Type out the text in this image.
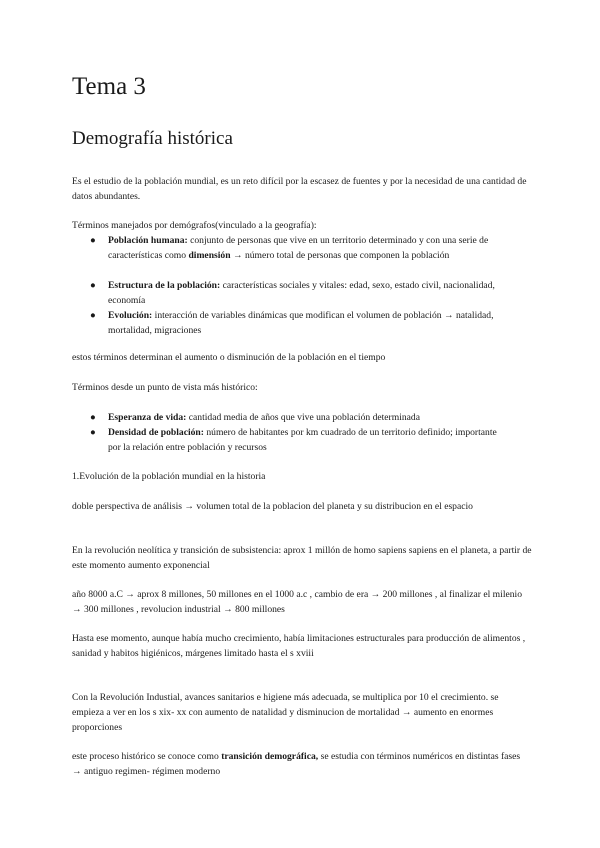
Tema 3
Demografía histórica
Es el estudio de la población mundial, es un reto difícil por la escasez de fuentes y por la necesidad de una cantidad de datos abundantes.
Términos manejados por demógrafos(vinculado a la geografía):
● Población humana: conjunto de personas que vive en un territorio determinado y con una serie de características como dimensión → número total de personas que componen la población
● Estructura de la población: características sociales y vitales: edad, sexo, estado civil, nacionalidad, economía
● Evolución: interacción de variables dinámicas que modifican el volumen de población → natalidad, mortalidad, migraciones
estos términos determinan el aumento o disminución de la población en el tiempo
Términos desde un punto de vista más histórico:
● Esperanza de vida: cantidad media de años que vive una población determinada
● Densidad de población: número de habitantes por km cuadrado de un territorio definido; importante por la relación entre población y recursos
1.Evolución de la población mundial en la historia
doble perspectiva de análisis → volumen total de la poblacion del planeta y su distribucion en el espacio
En la revolución neolítica y transición de subsistencia: aprox 1 millón de homo sapiens sapiens en el planeta, a partir de este momento aumento exponencial
año 8000 a.C → aprox 8 millones, 50 millones en el 1000 a.c , cambio de era → 200 millones , al finalizar el milenio → 300 millones , revolucion industrial → 800 millones
Hasta ese momento, aunque había mucho crecimiento, había limitaciones estructurales para producción de alimentos , sanidad y habitos higiénicos, márgenes limitado hasta el s xviii
Con la Revolución Industial, avances sanitarios e higiene más adecuada, se multiplica por 10 el crecimiento. se empieza a ver en los s xix- xx con aumento de natalidad y disminucion de mortalidad → aumento en enormes proporciones
este proceso histórico se conoce como transición demográfica, se estudia con términos numéricos en distintas fases → antiguo regimen- régimen moderno
